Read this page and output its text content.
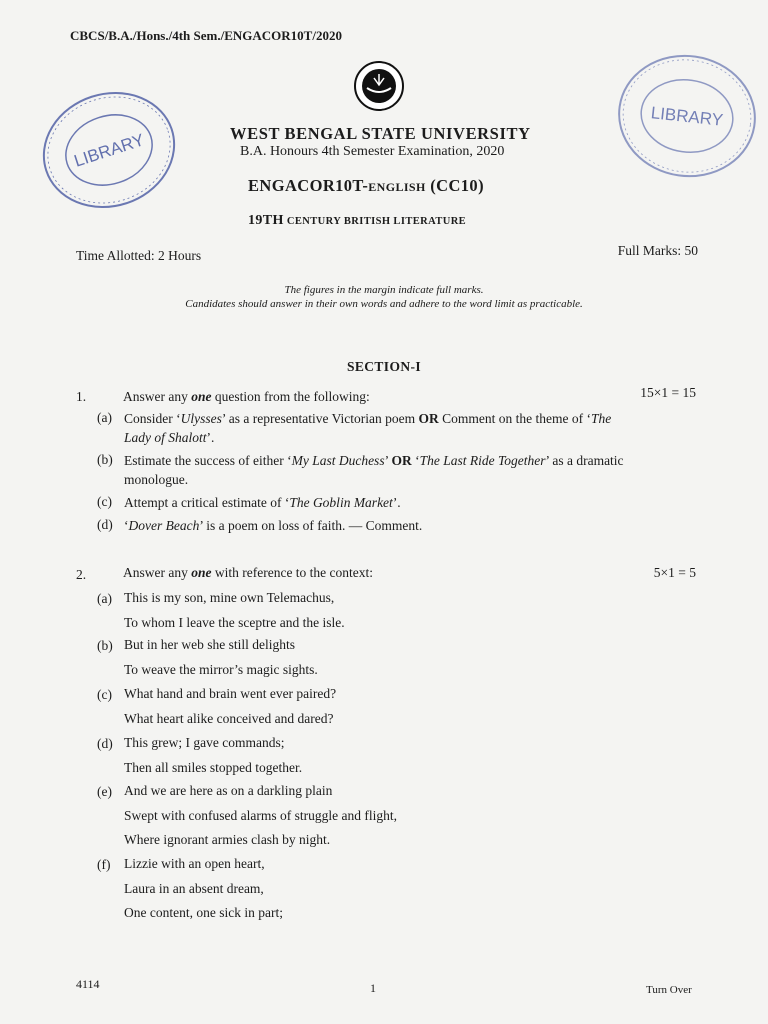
CBCS/B.A./Hons./4th Sem./ENGACOR10T/2020
LIBRARY
LIBRARY
WEST BENGAL STATE UNIVERSITY
B.A. Honours 4th Semester Examination, 2020
ENGACOR10T-ENGLISH (CC10)
19TH CENTURY BRITISH LITERATURE
Time Allotted: 2 Hours	Full Marks: 50
The figures in the margin indicate full marks.
Candidates should answer in their own words and adhere to the word limit as practicable.
SECTION-I
1.	Answer any one question from the following:	15×1 = 15
(a) Consider ‘Ulysses’ as a representative Victorian poem OR Comment on the theme of ‘The Lady of Shalott’.
(b) Estimate the success of either ‘My Last Duchess’ OR ‘The Last Ride Together’ as a dramatic monologue.
(c) Attempt a critical estimate of ‘The Goblin Market’.
(d) ‘Dover Beach’ is a poem on loss of faith. — Comment.
2.	Answer any one with reference to the context:	5×1 = 5
(a) This is my son, mine own Telemachus,
To whom I leave the sceptre and the isle.
(b) But in her web she still delights
To weave the mirror’s magic sights.
(c) What hand and brain went ever paired?
What heart alike conceived and dared?
(d) This grew; I gave commands;
Then all smiles stopped together.
(e) And we are here as on a darkling plain
Swept with confused alarms of struggle and flight,
Where ignorant armies clash by night.
(f) Lizzie with an open heart,
Laura in an absent dream,
One content, one sick in part;
4114	1	Turn Over
